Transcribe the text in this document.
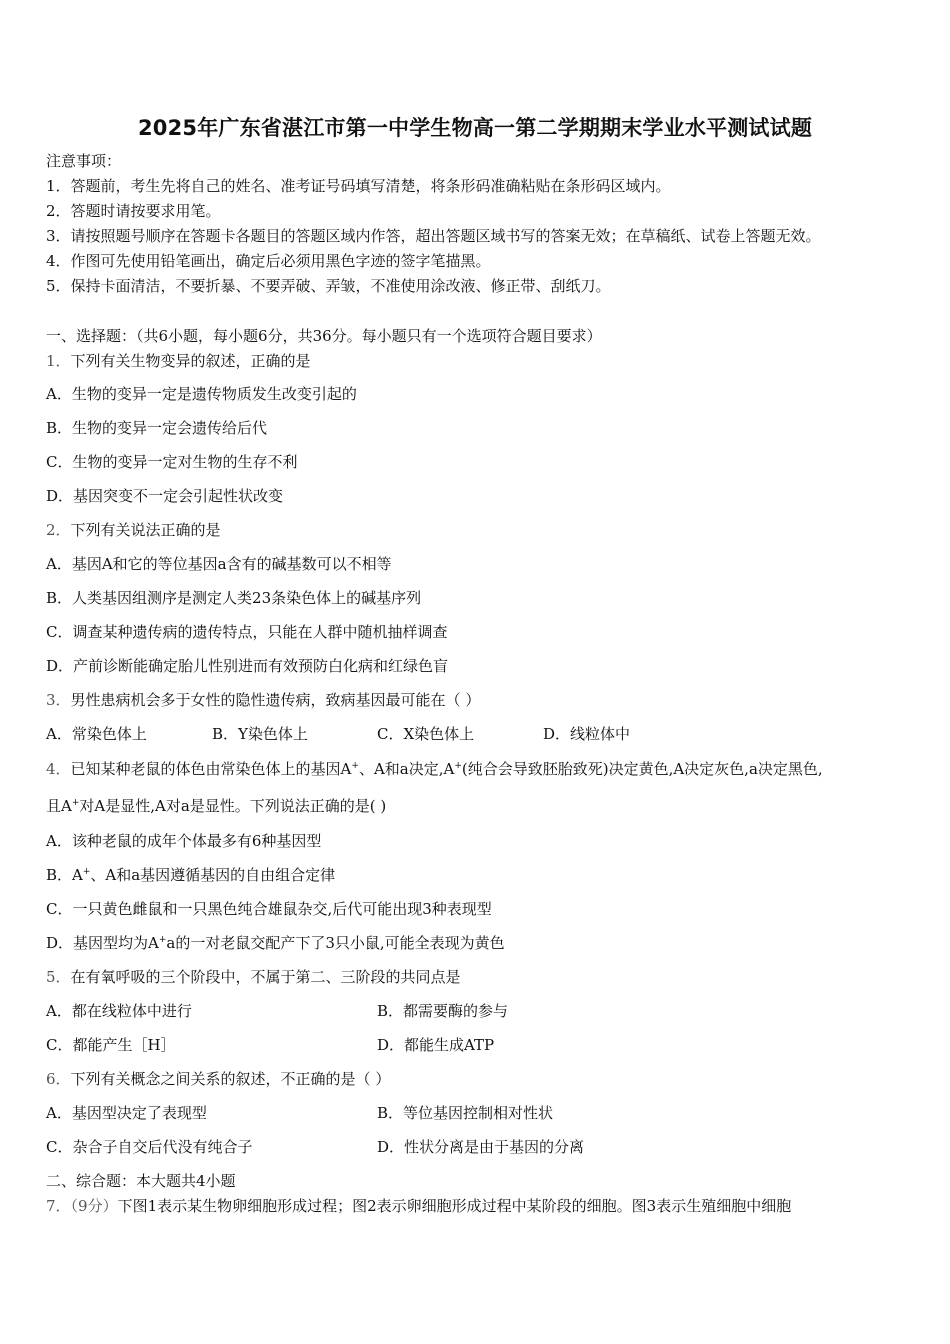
2025年广东省湛江市第一中学生物高一第二学期期末学业水平测试试题
注意事项：
1．答题前，考生先将自己的姓名、准考证号码填写清楚，将条形码准确粘贴在条形码区域内。
2．答题时请按要求用笔。
3．请按照题号顺序在答题卡各题目的答题区域内作答，超出答题区域书写的答案无效；在草稿纸、试卷上答题无效。
4．作图可先使用铅笔画出，确定后必须用黑色字迹的签字笔描黑。
5．保持卡面清洁，不要折暴、不要弄破、弄皱，不准使用涂改液、修正带、刮纸刀。
一、选择题：（共6小题，每小题6分，共36分。每小题只有一个选项符合题目要求）
1．下列有关生物变异的叙述，正确的是
A．生物的变异一定是遗传物质发生改变引起的
B．生物的变异一定会遗传给后代
C．生物的变异一定对生物的生存不利
D．基因突变不一定会引起性状改变
2．下列有关说法正确的是
A．基因A和它的等位基因a含有的碱基数可以不相等
B．人类基因组测序是测定人类23条染色体上的碱基序列
C．调查某种遗传病的遗传特点，只能在人群中随机抽样调查
D．产前诊断能确定胎儿性别进而有效预防白化病和红绿色盲
3．男性患病机会多于女性的隐性遗传病，致病基因最可能在（ ）
A．常染色体上	B．Y染色体上	C．X染色体上	D．线粒体中
4．已知某种老鼠的体色由常染色体上的基因A+、A和a决定,A+(纯合会导致胚胎致死)决定黄色,A决定灰色,a决定黑色,
且A+对A是显性,A对a是显性。下列说法正确的是( )
A．该种老鼠的成年个体最多有6种基因型
B．A+、A和a基因遵循基因的自由组合定律
C．一只黄色雌鼠和一只黑色纯合雄鼠杂交,后代可能出现3种表现型
D．基因型均为A+a的一对老鼠交配产下了3只小鼠,可能全表现为黄色
5．在有氧呼吸的三个阶段中，不属于第二、三阶段的共同点是
A．都在线粒体中进行	B．都需要酶的参与
C．都能产生［H］	D．都能生成ATP
6．下列有关概念之间关系的叙述，不正确的是（ ）
A．基因型决定了表现型	B．等位基因控制相对性状
C．杂合子自交后代没有纯合子	D．性状分离是由于基因的分离
二、综合题：本大题共4小题
7．（9分）下图1表示某生物卵细胞形成过程；图2表示卵细胞形成过程中某阶段的细胞。图3表示生殖细胞中细胞
